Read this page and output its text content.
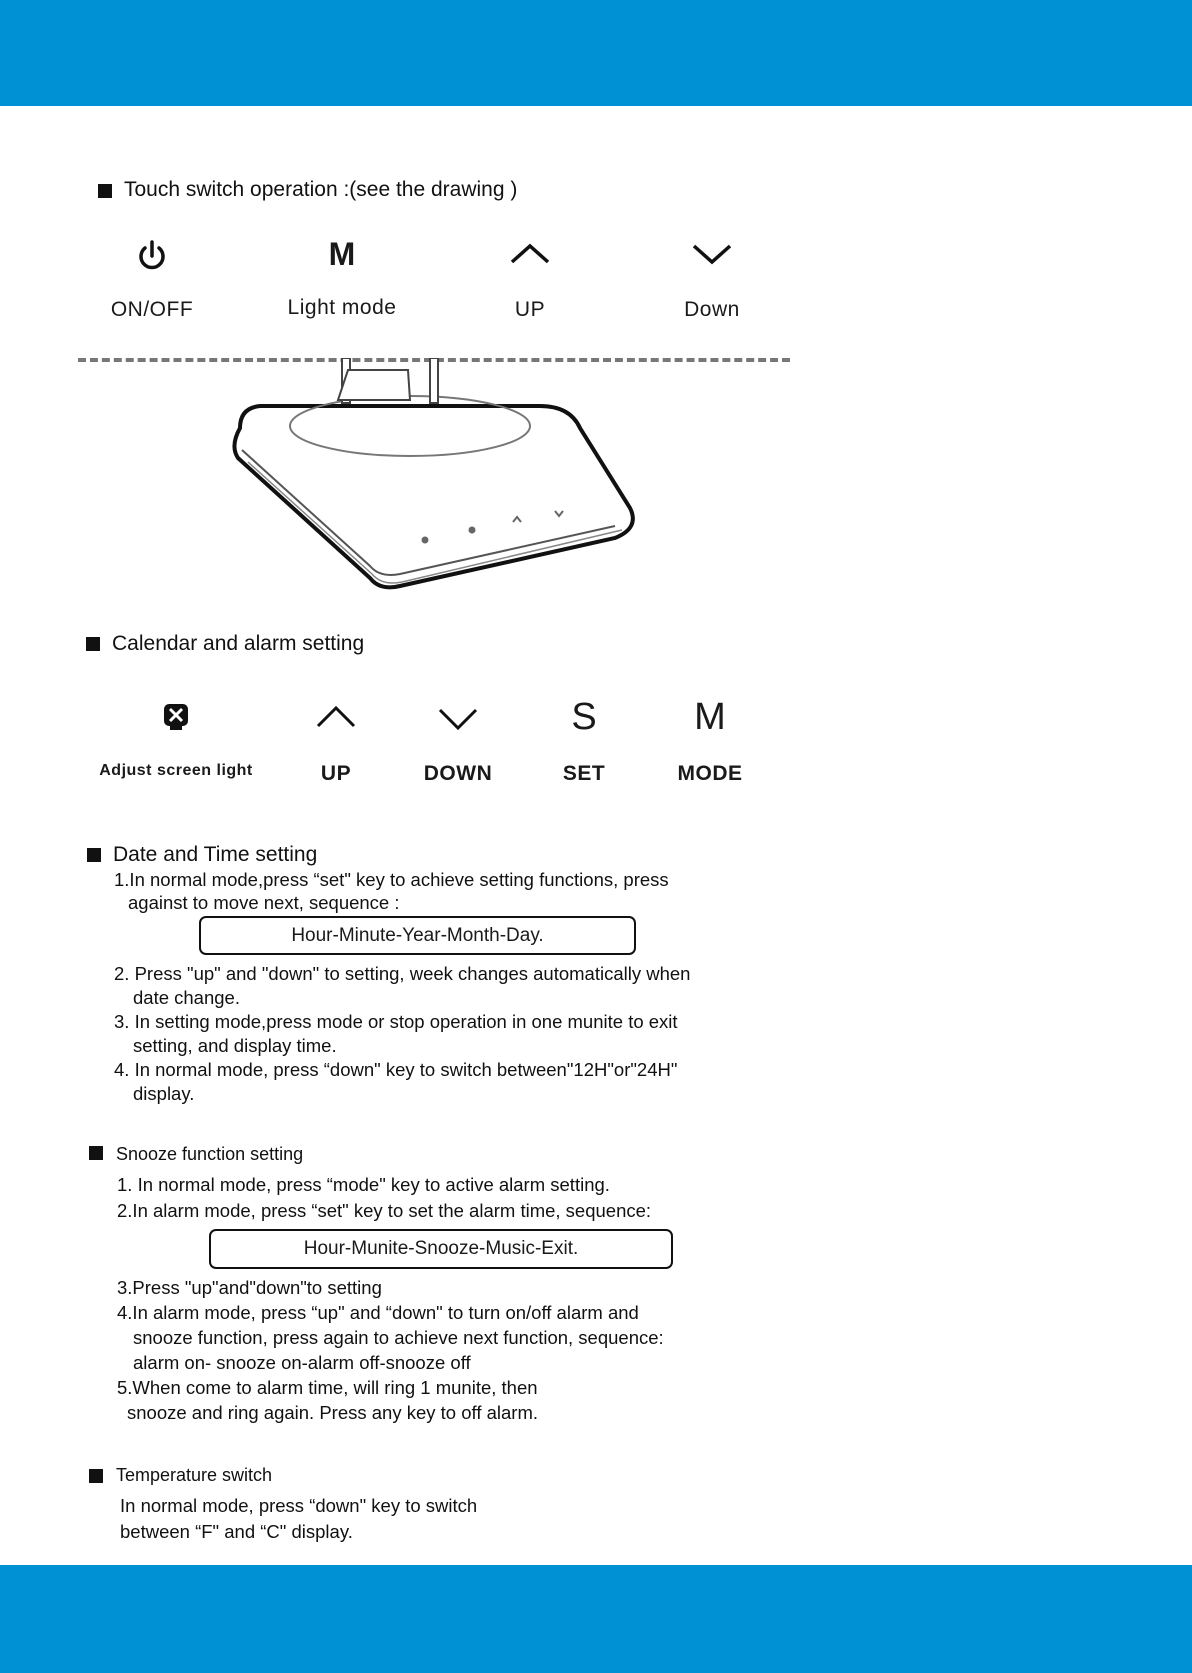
Touch switch operation :(see the drawing )
ON/OFF
M
Light mode	UP	Down
Calendar and alarm setting
Adjust screen light	UP	DOWN
S
SET
M
MODE
Date and Time setting
1.In normal mode,press “set" key to achieve setting functions, press
against to move next, sequence :
Hour-Minute-Year-Month-Day.
2. Press "up" and "down" to setting, week changes automatically when
date change.
3. In setting mode,press mode or stop operation in one munite to exit
setting, and display time.
4. In normal mode, press “down" key to switch between"12H"or"24H"
display.
Snooze function setting
1. In normal mode, press “mode" key to active alarm setting.
2.In alarm mode, press “set" key to set the alarm time, sequence:
Hour-Munite-Snooze-Music-Exit.
3.Press "up"and"down"to setting
4.In alarm mode, press “up" and “down" to turn on/off alarm and
snooze function, press again to achieve next function, sequence:
alarm on- snooze on-alarm off-snooze off
5.When come to alarm time, will ring 1 munite, then
snooze and ring again. Press any key to off alarm.
Temperature switch
In normal mode, press “down" key to switch
between “F" and “C" display.
